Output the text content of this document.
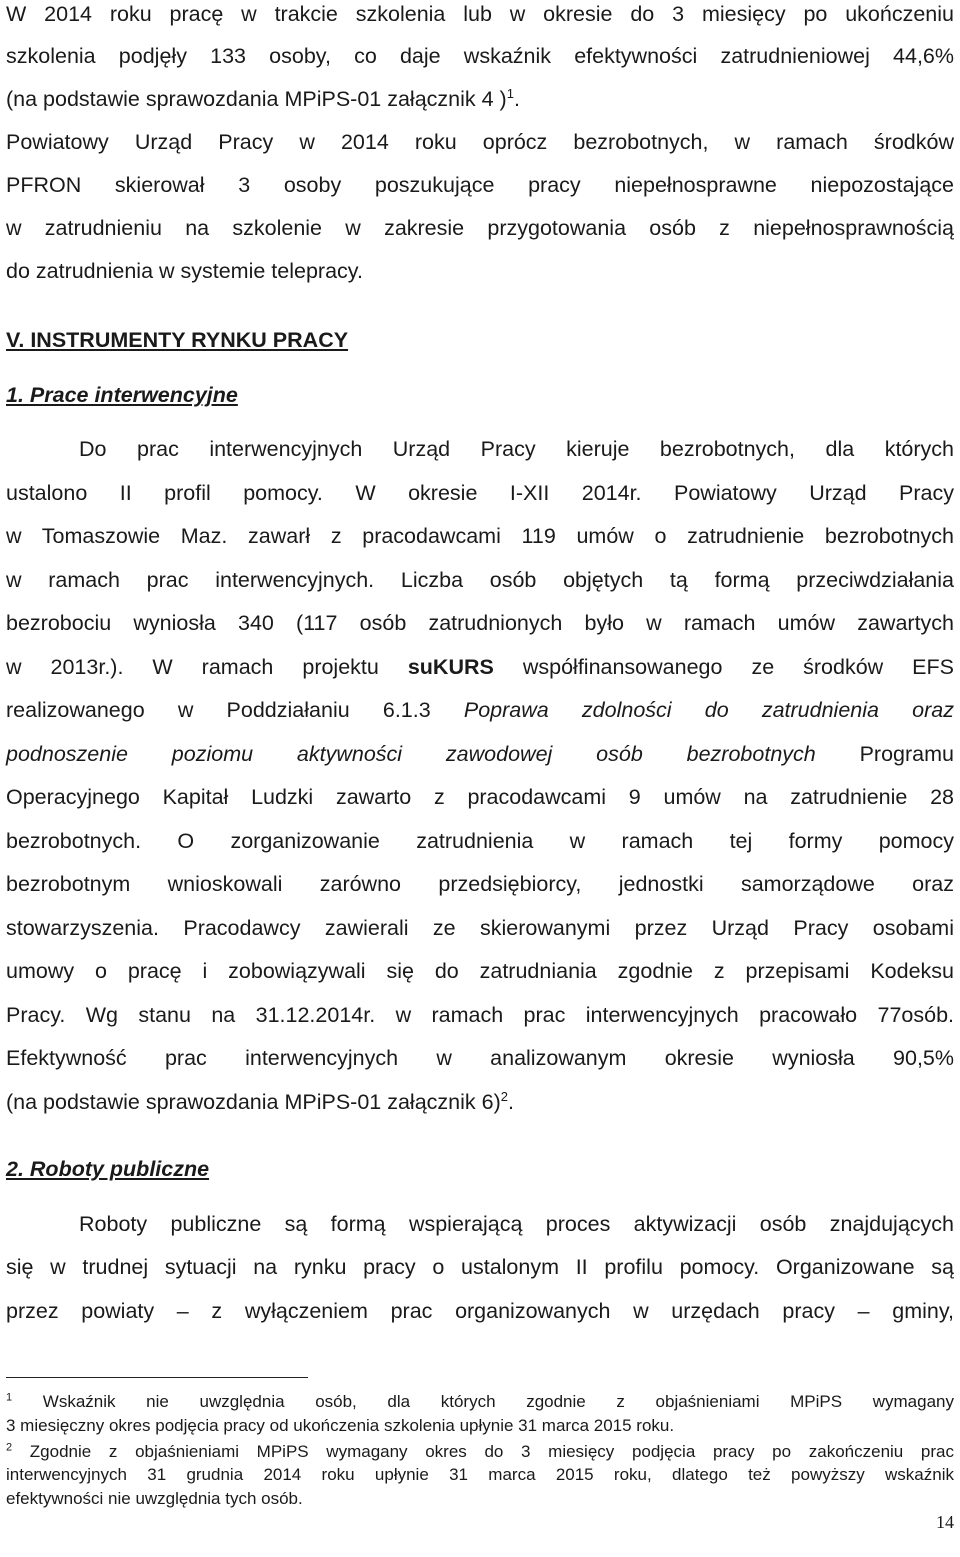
W 2014 roku pracę w trakcie szkolenia lub w okresie do 3 miesięcy po ukończeniu
szkolenia podjęły 133 osoby, co daje wskaźnik efektywności zatrudnieniowej 44,6%
(na podstawie sprawozdania MPiPS-01 załącznik 4 )$^1$.
Powiatowy Urząd Pracy w 2014 roku oprócz bezrobotnych, w ramach środków
PFRON skierował 3 osoby poszukujące pracy niepełnosprawne niepozostające
w zatrudnieniu na szkolenie w zakresie przygotowania osób z niepełnosprawnością
do zatrudnienia w systemie telepracy.
V. INSTRUMENTY RYNKU PRACY
1. Prace interwencyjne
Do prac interwencyjnych Urząd Pracy kieruje bezrobotnych, dla których
ustalono II profil pomocy. W okresie I-XII 2014r. Powiatowy Urząd Pracy
w Tomaszowie Maz. zawarł z pracodawcami 119 umów o zatrudnienie bezrobotnych
w ramach prac interwencyjnych. Liczba osób objętych tą formą przeciwdziałania
bezrobociu wyniosła 340 (117 osób zatrudnionych było w ramach umów zawartych
w 2013r.). W ramach projektu suKURS współfinansowanego ze środków EFS
realizowanego w Poddziałaniu 6.1.3 Poprawa zdolności do zatrudnienia oraz
podnoszenie poziomu aktywności zawodowej osób bezrobotnych Programu
Operacyjnego Kapitał Ludzki zawarto z pracodawcami 9 umów na zatrudnienie 28
bezrobotnych. O zorganizowanie zatrudnienia w ramach tej formy pomocy
bezrobotnym wnioskowali zarówno przedsiębiorcy, jednostki samorządowe oraz
stowarzyszenia. Pracodawcy zawierali ze skierowanymi przez Urząd Pracy osobami
umowy o pracę i zobowiązywali się do zatrudniania zgodnie z przepisami Kodeksu
Pracy. Wg stanu na 31.12.2014r. w ramach prac interwencyjnych pracowało 77osób.
Efektywność prac interwencyjnych w analizowanym okresie wyniosła 90,5%
(na podstawie sprawozdania MPiPS-01 załącznik 6)$^2$.
2. Roboty publiczne
Roboty publiczne są formą wspierającą proces aktywizacji osób znajdujących
się w trudnej sytuacji na rynku pracy o ustalonym II profilu pomocy. Organizowane są
przez powiaty – z wyłączeniem prac organizowanych w urzędach pracy – gminy,
$^1$ Wskaźnik nie uwzględnia osób, dla których zgodnie z objaśnieniami MPiPS wymagany
3 miesięczny okres podjęcia pracy od ukończenia szkolenia upłynie 31 marca 2015 roku.
$^2$ Zgodnie z objaśnieniami MPiPS wymagany okres do 3 miesięcy podjęcia pracy po zakończeniu prac
interwencyjnych 31 grudnia 2014 roku upłynie 31 marca 2015 roku, dlatego też powyższy wskaźnik
efektywności nie uwzględnia tych osób.
14
